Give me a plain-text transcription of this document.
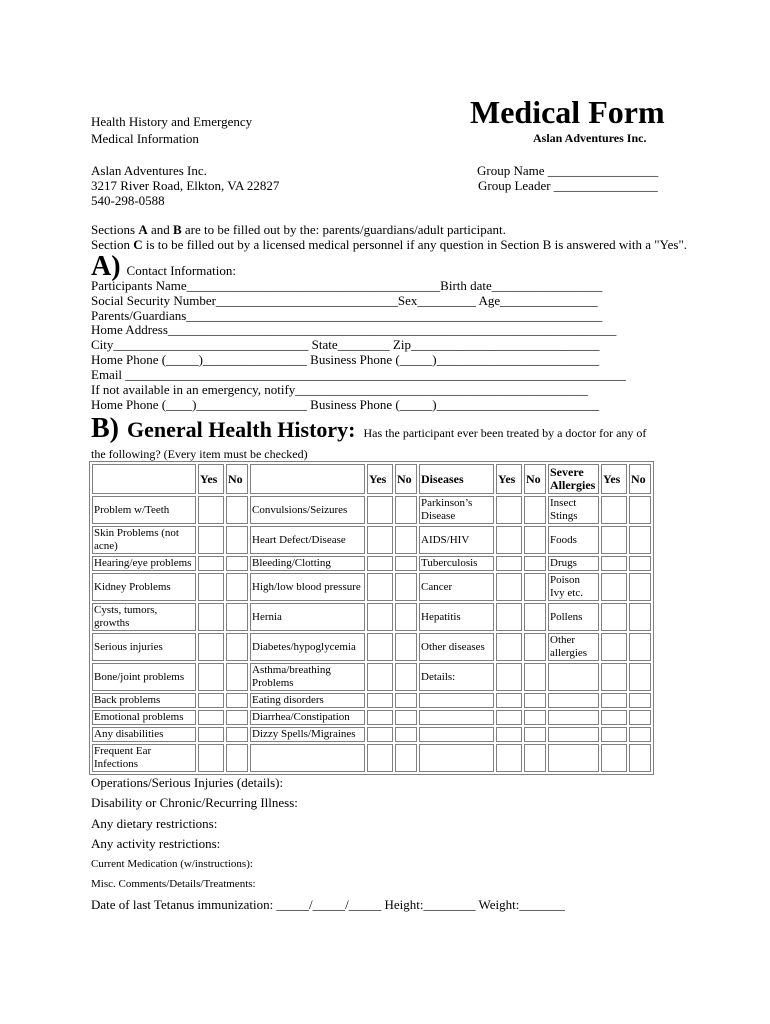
Health History and Emergency
Medical Information
Medical Form
Aslan Adventures Inc.
Aslan Adventures Inc.
3217 River Road, Elkton, VA 22827
540-298-0588
Group Name _________________
Group Leader ________________
Sections A and B are to be filled out by the: parents/guardians/adult participant.
Section C is to be filled out by a licensed medical personnel if any question in Section B is answered with a "Yes".
A) Contact Information:
Participants Name_______________________________________Birth date_________________
Social Security Number____________________________Sex_________ Age_______________
Parents/Guardians________________________________________________________________
Home Address_____________________________________________________________________
City______________________________ State________ Zip_____________________________
Home Phone (_____)________________ Business Phone (_____)_________________________
Email _____________________________________________________________________________
If not available in an emergency, notify_____________________________________________
Home Phone (____)_________________ Business Phone (_____)_________________________
B) General Health History: Has the participant ever been treated by a doctor for any of
the following? (Every item must be checked)
	Yes	No		Yes	No	Diseases	Yes	No	Severe
Allergies	Yes	No
Problem w/Teeth			Convulsions/Seizures			Parkinson’s Disease			Insect Stings		
Skin Problems (not acne)			Heart Defect/Disease			AIDS/HIV			Foods		
Hearing/eye problems			Bleeding/Clotting			Tuberculosis			Drugs		
Kidney Problems			High/low blood pressure			Cancer			Poison Ivy etc.		
Cysts, tumors, growths			Hernia			Hepatitis			Pollens		
Serious injuries			Diabetes/hypoglycemia			Other diseases			Other allergies		
Bone/joint problems			Asthma/breathing Problems			Details:					
Back problems			Eating disorders								
Emotional problems			Diarrhea/Constipation								
Any disabilities			Dizzy Spells/Migraines								
Frequent Ear Infections											
Operations/Serious Injuries (details):
Disability or Chronic/Recurring Illness:
Any dietary restrictions:
Any activity restrictions:
Current Medication (w/instructions):
Misc. Comments/Details/Treatments:
Date of last Tetanus immunization: _____/_____/_____ Height:________ Weight:_______
